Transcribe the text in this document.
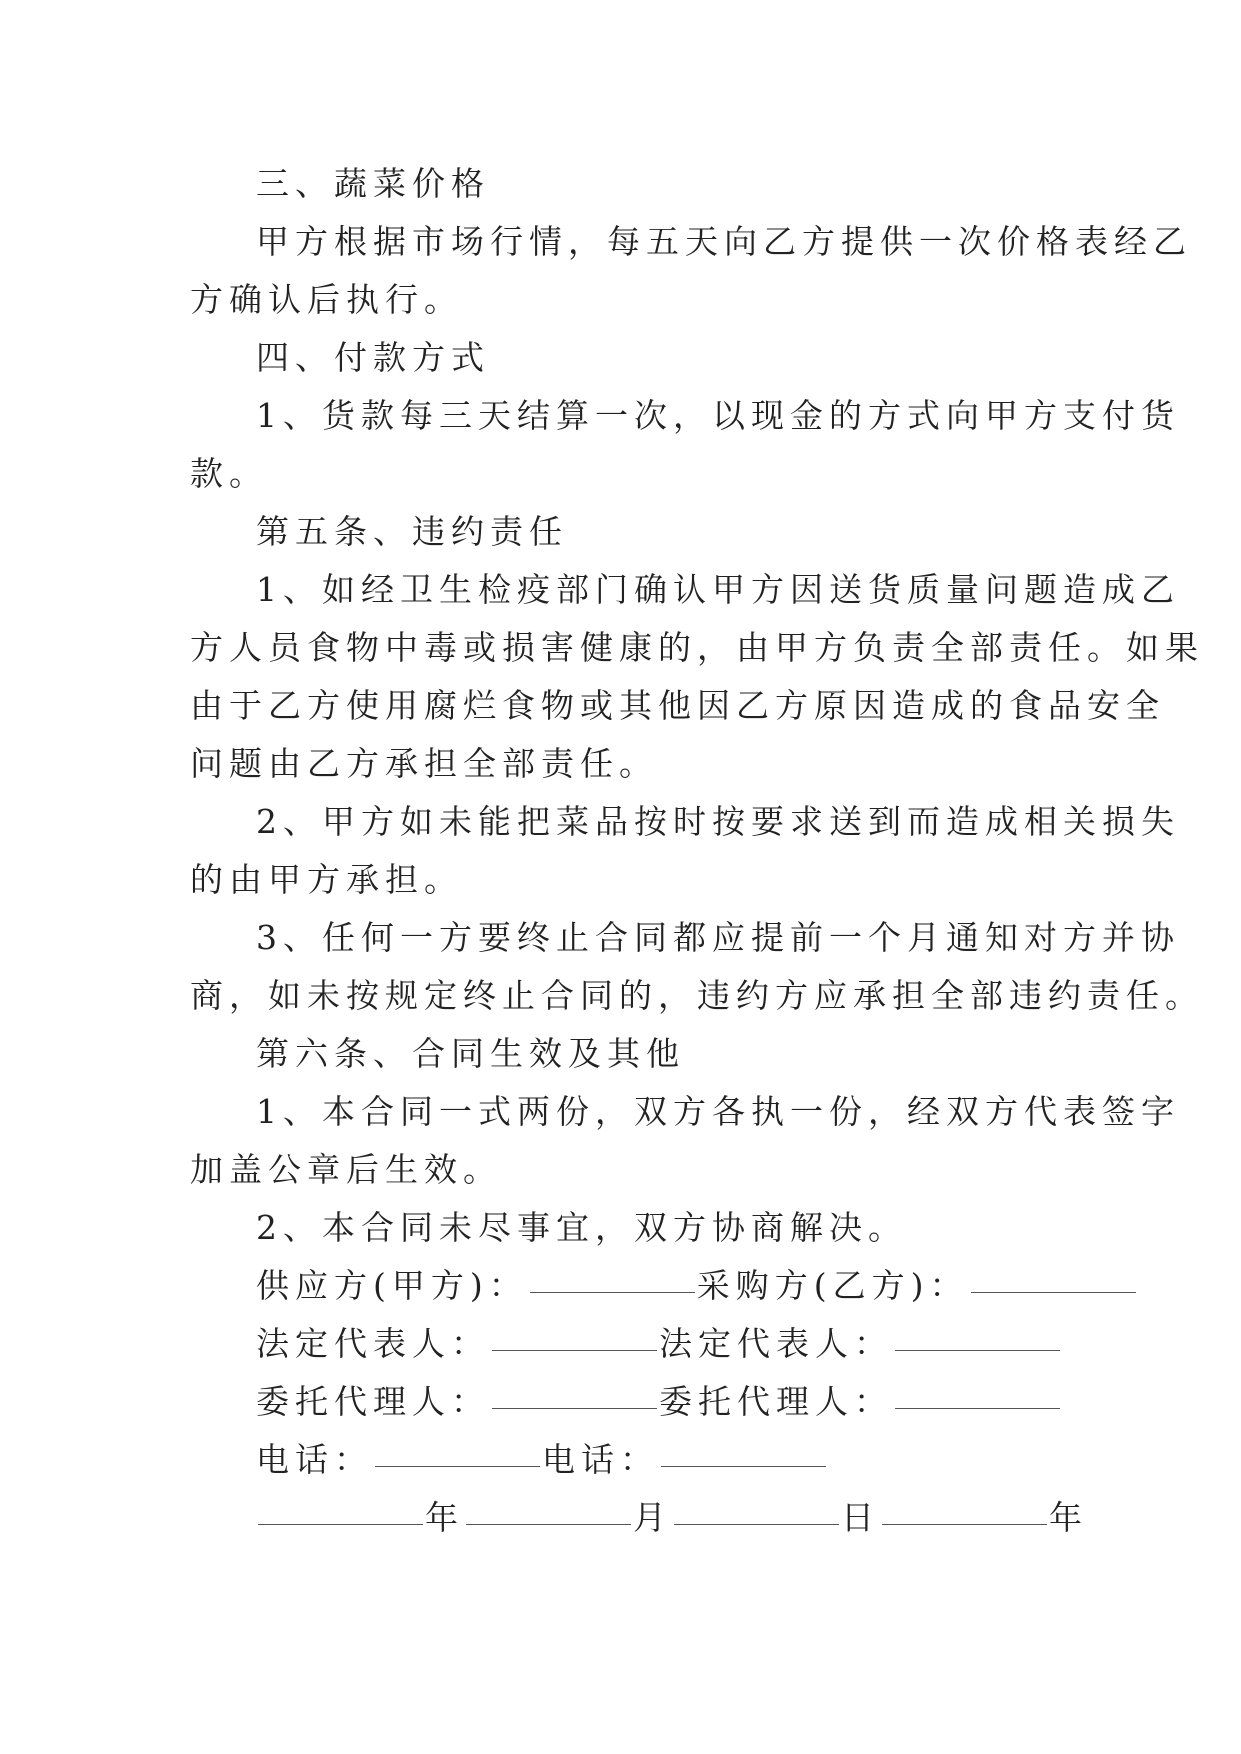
三、蔬菜价格
甲方根据市场行情，每五天向乙方提供一次价格表经乙
方确认后执行。
四、付款方式
1、货款每三天结算一次，以现金的方式向甲方支付货
款。
第五条、违约责任
1、如经卫生检疫部门确认甲方因送货质量问题造成乙
方人员食物中毒或损害健康的，由甲方负责全部责任。如果
由于乙方使用腐烂食物或其他因乙方原因造成的食品安全
问题由乙方承担全部责任。
2、甲方如未能把菜品按时按要求送到而造成相关损失
的由甲方承担。
3、任何一方要终止合同都应提前一个月通知对方并协
商，如未按规定终止合同的，违约方应承担全部违约责任。
第六条、合同生效及其他
1、本合同一式两份，双方各执一份，经双方代表签字
加盖公章后生效。
2、本合同未尽事宜，双方协商解决。
供应方(甲方)：	采购方(乙方)：
法定代表人：	法定代表人：
委托代理人：	委托代理人：
电话：	电话：
年	月	日	年
